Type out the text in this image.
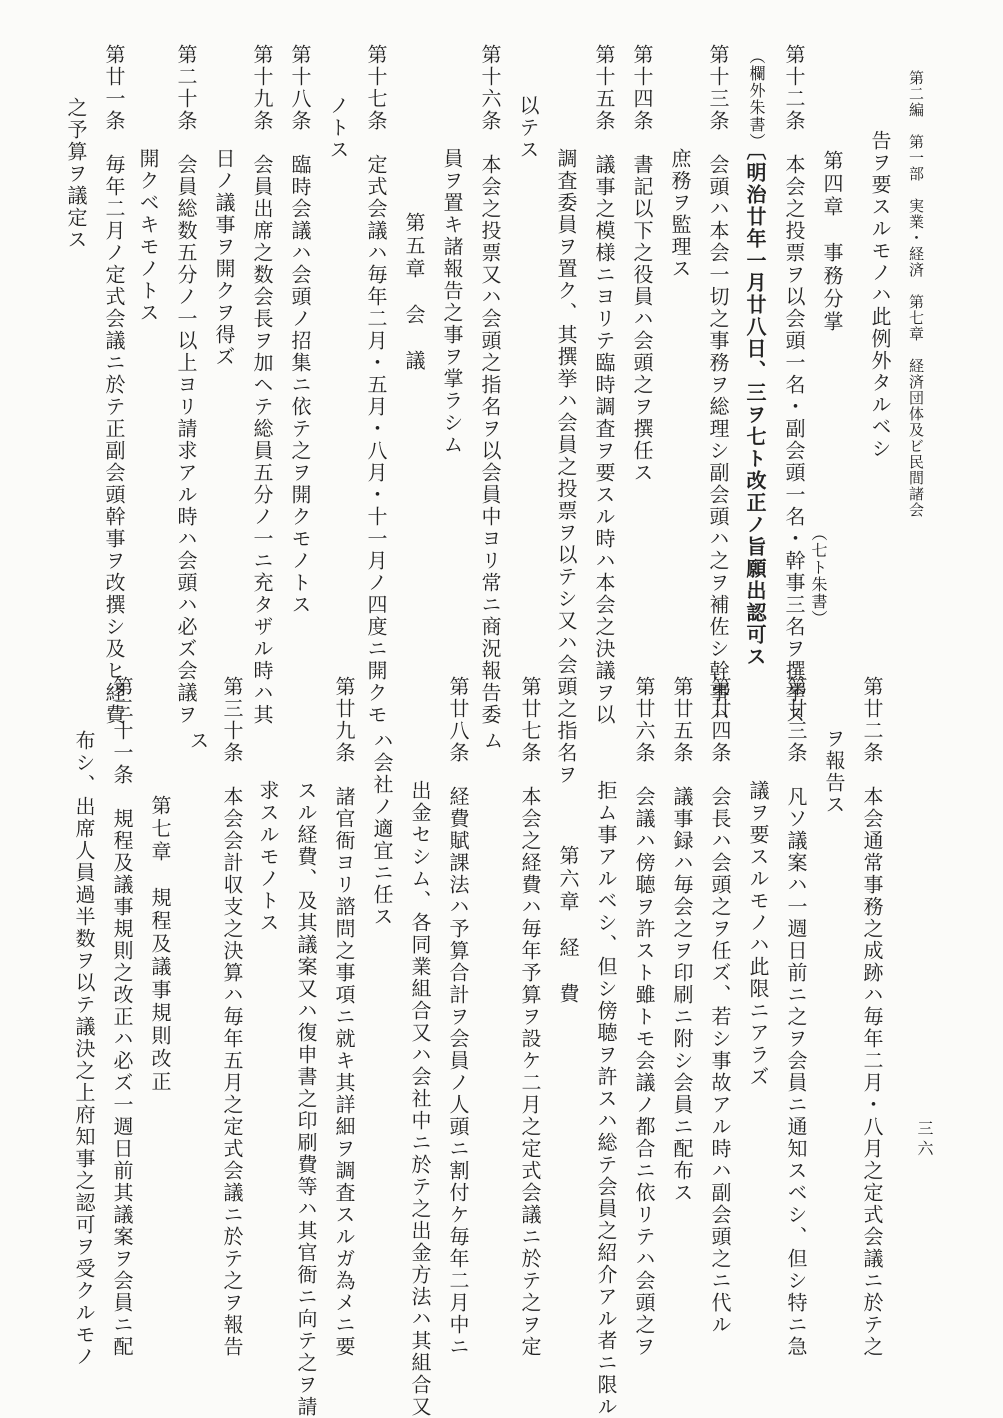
第二編　第一部　実業・経済　第七章　経済団体及ビ民間諸会

三六

告ヲ要スルモノハ此例外タルベシ

第四章　事務分掌

第十二条　本会之投票ヲ以会頭一名・副会頭一名・幹事三名ヲ撰挙ス （七ト朱書）

（欄外朱書）

〔明治廿年一月廿八日、三ヲ七ト改正ノ旨願出認可ス

第十三条　会頭ハ本会一切之事務ヲ総理シ副会頭ハ之ヲ補佐シ幹事ハ

庶務ヲ監理ス

第十四条　書記以下之役員ハ会頭之ヲ撰任ス

第十五条　議事之模様ニヨリテ臨時調査ヲ要スル時ハ本会之決議ヲ以

調査委員ヲ置ク、其撰挙ハ会員之投票ヲ以テシ又ハ会頭之指名ヲ

以テス

第十六条　本会之投票又ハ会頭之指名ヲ以会員中ヨリ常ニ商況報告委

員ヲ置キ諸報告之事ヲ掌ラシム

第五章　会　議

第十七条　定式会議ハ毎年二月・五月・八月・十一月ノ四度ニ開クモ

ノトス

第十八条　臨時会議ハ会頭ノ招集ニ依テ之ヲ開クモノトス

第十九条　会員出席之数会長ヲ加ヘテ総員五分ノ一ニ充タザル時ハ其

日ノ議事ヲ開クヲ得ズ

第二十条　会員総数五分ノ一以上ヨリ請求アル時ハ会頭ハ必ズ会議ヲ

開クベキモノトス

第廿一条　毎年二月ノ定式会議ニ於テ正副会頭幹事ヲ改撰シ及ヒ経費

之予算ヲ議定ス

第廿二条　本会通常事務之成跡ハ毎年二月・八月之定式会議ニ於テ之

ヲ報告ス

第廿三条　凡ソ議案ハ一週日前ニ之ヲ会員ニ通知スベシ、但シ特ニ急

議ヲ要スルモノハ此限ニアラズ

第廿四条　会長ハ会頭之ヲ任ズ、若シ事故アル時ハ副会頭之ニ代ル

第廿五条　議事録ハ毎会之ヲ印刷ニ附シ会員ニ配布ス

第廿六条　会議ハ傍聴ヲ許スト雖トモ会議ノ都合ニ依リテハ会頭之ヲ

拒ム事アルベシ、但シ傍聴ヲ許スハ総テ会員之紹介アル者ニ限ル

第六章　経　費

第廿七条　本会之経費ハ毎年予算ヲ設ケ二月之定式会議ニ於テ之ヲ定

ム

第廿八条　経費賦課法ハ予算合計ヲ会員ノ人頭ニ割付ケ毎年二月中ニ

出金セシム、各同業組合又ハ会社中ニ於テ之出金方法ハ其組合又

ハ会社ノ適宜ニ任ス

第廿九条　諸官衙ヨリ諮問之事項ニ就キ其詳細ヲ調査スルガ為メニ要

スル経費、及其議案又ハ復申書之印刷費等ハ其官衙ニ向テ之ヲ請

求スルモノトス

第三十条　本会会計収支之決算ハ毎年五月之定式会議ニ於テ之ヲ報告

ス

第七章　規程及議事規則改正

第三十一条　規程及議事規則之改正ハ必ズ一週日前其議案ヲ会員ニ配

布シ、出席人員過半数ヲ以テ議決之上府知事之認可ヲ受クルモノ
